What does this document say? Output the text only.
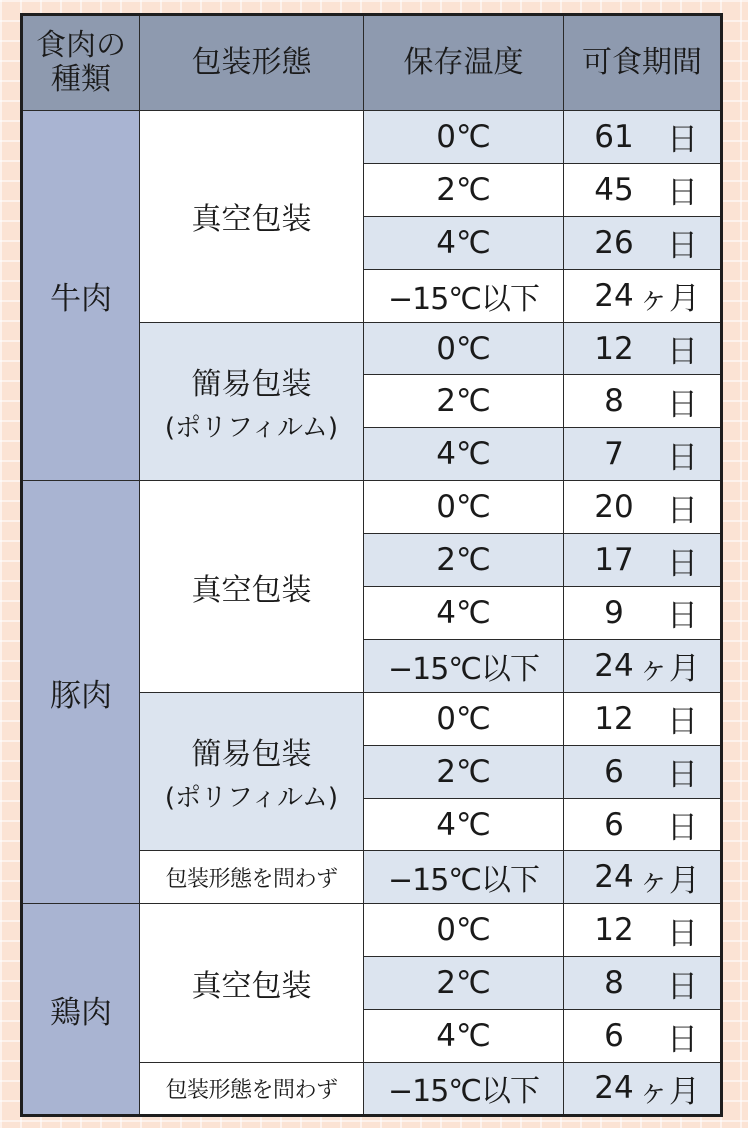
食肉の
種類	包装形態	保存温度	可食期間
牛肉	真空包装	0℃	61 日

		2℃	45 日

		4℃	26 日

		−15℃以下	24 ヶ月

	簡易包装
(ポリフィルム)	0℃	12 日

		2℃	8 日

		4℃	7 日

豚肉	真空包装	0℃	20 日

		2℃	17 日

		4℃	9 日

		−15℃以下	24 ヶ月

	簡易包装
(ポリフィルム)	0℃	12 日

		2℃	6 日

		4℃	6 日

	包装形態を問わず	−15℃以下	24 ヶ月

鶏肉	真空包装	0℃	12 日

		2℃	8 日

		4℃	6 日

	包装形態を問わず	−15℃以下	24 ヶ月
